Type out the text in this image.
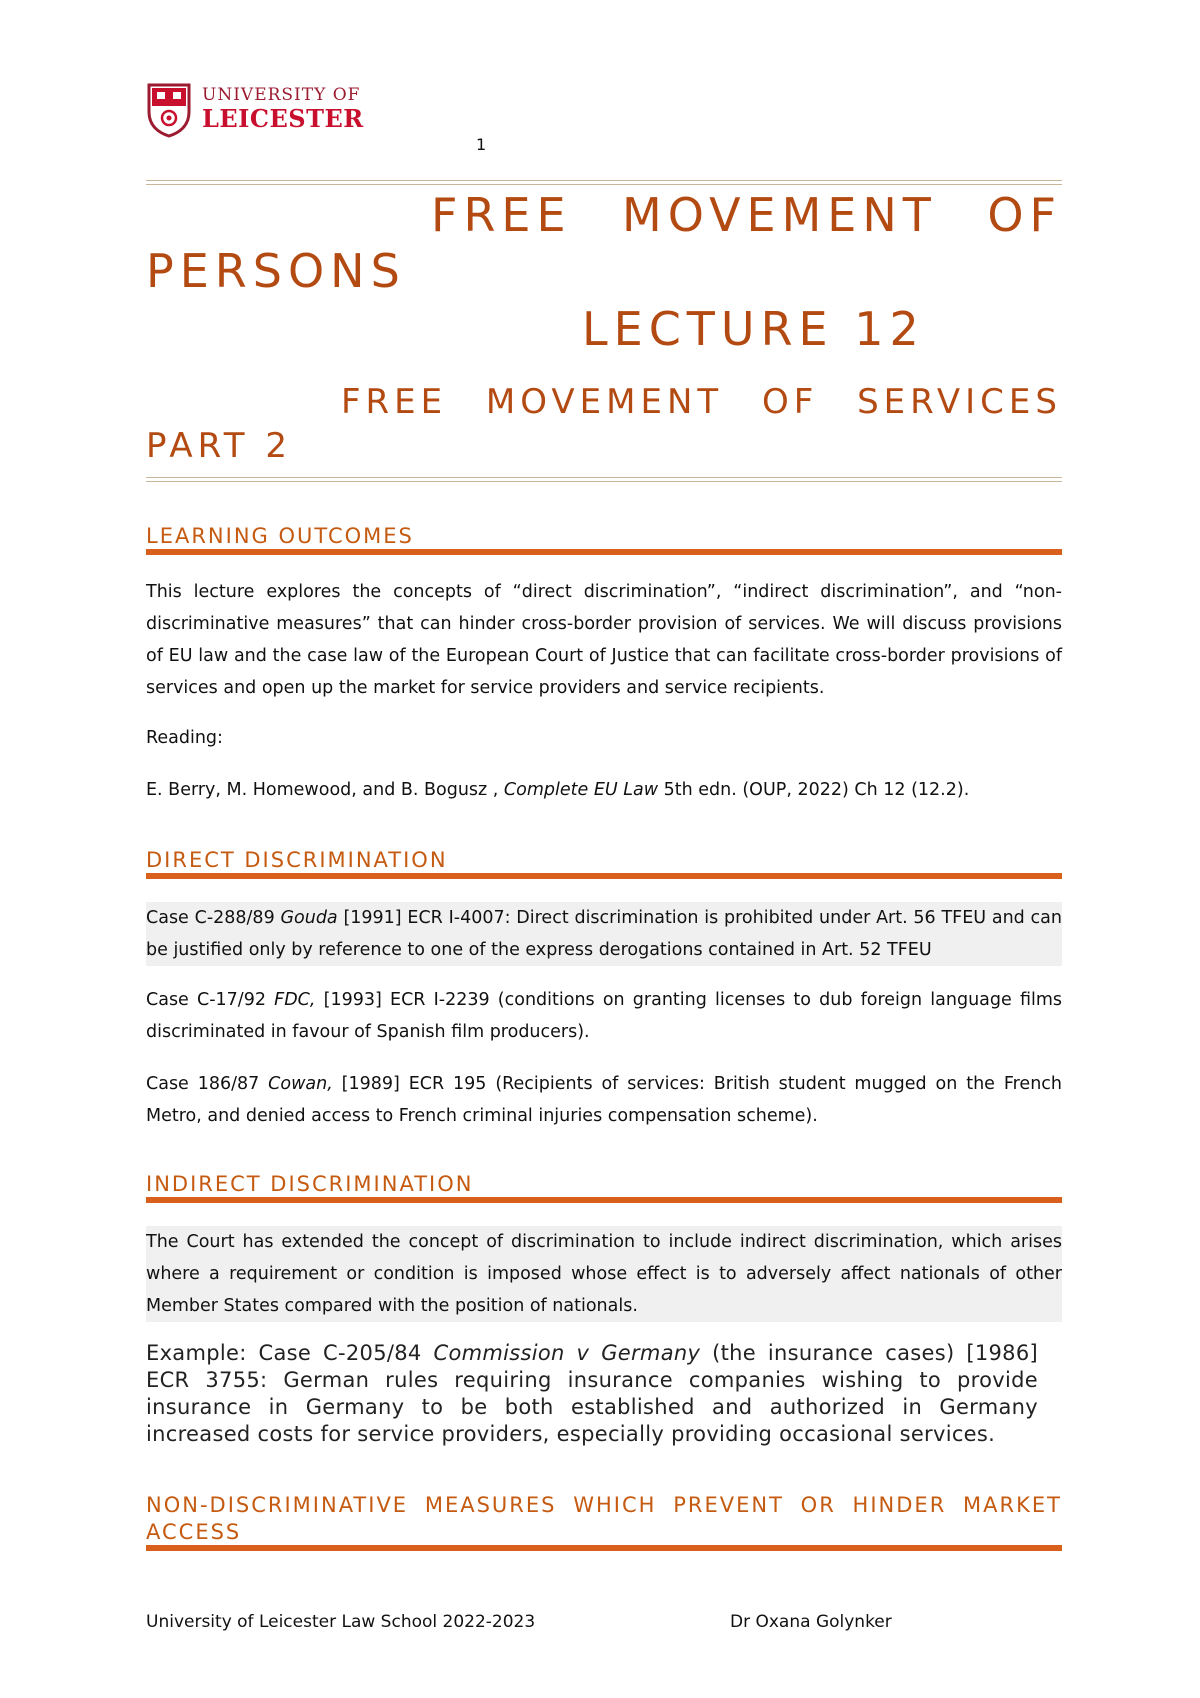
UNIVERSITY OF
LEICESTER
1
FREE MOVEMENT OF
PERSONS
LECTURE 12
FREE MOVEMENT OF SERVICES
PART 2
LEARNING OUTCOMES

This lecture explores the concepts of “direct discrimination”, “indirect discrimination”, and “non-discriminative measures” that can hinder cross-border provision of services. We will discuss provisions of EU law and the case law of the European Court of Justice that can facilitate cross-border provisions of services and open up the market for service providers and service recipients.

Reading:

E. Berry, M. Homewood, and B. Bogusz , Complete EU Law 5th edn. (OUP, 2022) Ch 12 (12.2).

DIRECT DISCRIMINATION

Case C-288/89 Gouda [1991] ECR I-4007: Direct discrimination is prohibited under Art. 56 TFEU and can be justified only by reference to one of the express derogations contained in Art. 52 TFEU

Case C-17/92 FDC, [1993] ECR I-2239 (conditions on granting licenses to dub foreign language films discriminated in favour of Spanish film producers).

Case 186/87 Cowan, [1989] ECR 195 (Recipients of services: British student mugged on the French Metro, and denied access to French criminal injuries compensation scheme).

INDIRECT DISCRIMINATION

The Court has extended the concept of discrimination to include indirect discrimination, which arises where a requirement or condition is imposed whose effect is to adversely affect nationals of other Member States compared with the position of nationals.

Example: Case C-205/84 Commission v Germany (the insurance cases) [1986] ECR 3755: German rules requiring insurance companies wishing to provide insurance in Germany to be both established and authorized in Germany increased costs for service providers, especially providing occasional services.

NON-DISCRIMINATIVE MEASURES WHICH PREVENT OR HINDER MARKET ACCESS
University of Leicester Law School 2022-2023	Dr Oxana Golynker
